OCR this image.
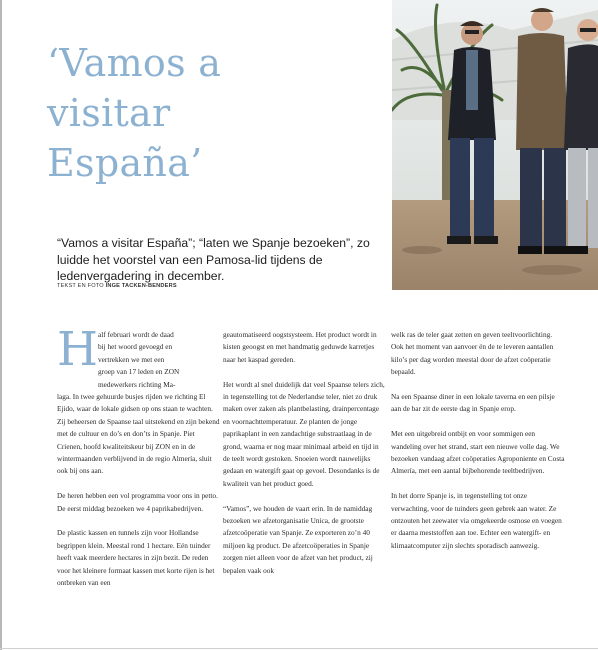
‘Vamos a
visitar
España’

“Vamos a visitar España”; “laten we Spanje bezoeken”, zo luidde het voorstel van een Pamosa-lid tijdens de ledenvergadering in december.

TEKST EN FOTO INGE TACKEN-BENDERS
H alf februari wordt de daad
bij het woord gevoegd en
vertrekken we met een
groep van 17 leden en ZON
medewerkers richting Ma-
laga. In twee gehuurde busjes rijden we richting El Ejido, waar de lokale gidsen op ons staan te wachten. Zij beheersen de Spaanse taal uitstekend en zijn bekend met de cultuur en do’s en don’ts in Spanje. Piet Crienen, hoofd kwaliteitskeur bij ZON en in de wintermaanden verblijvend in de regio Almería, sluit ook bij ons aan.

De heren hebben een vol programma voor ons in petto. De eerst middag bezoeken we 4 paprikabedrijven.

De plastic kassen en tunnels zijn voor Hollandse begrippen klein. Meestal rond 1 hectare. Eén tuinder heeft vaak meerdere hectares in zijn bezit. De reden voor het kleinere formaat kassen met korte rijen is het ontbreken van een

geautomatiseerd oogstsysteem. Het product wordt in kisten geoogst en met handmatig geduwde karretjes naar het kaspad gereden.

Het wordt al snel duidelijk dat veel Spaanse telers zich, in tegenstelling tot de Nederlandse teler, niet zo druk maken over zaken als plantbelasting, drainpercentage en voornachttemperatuur. Ze planten de jonge paprikaplant in een zandachtige substraatlaag in de grond, waarna er nog maar minimaal arbeid en tijd in de teelt wordt gestoken. Snoeien wordt nauwelijks gedaan en watergift gaat op gevoel. Desondanks is de kwaliteit van het product goed.

“Vamos”, we houden de vaart erin. In de namiddag bezoeken we afzetorganisatie Unica, de grootste afzetcoöperatie van Spanje. Ze exporteren zo’n 40 miljoen kg product. De afzetcoöperaties in Spanje zorgen niet alleen voor de afzet van het product, zij bepalen vaak ook

welk ras de teler gaat zetten en geven teeltvoorlichting. Ook het moment van aanvoer én de te leveren aantallen kilo’s per dag worden meestal door de afzet coöperatie bepaald.

Na een Spaanse diner in een lokale taverna en een pilsje aan de bar zit de eerste dag in Spanje erop.

Met een uitgebreid ontbijt en voor sommigen een wandeling over het strand, start een nieuwe volle dag. We bezoeken vandaag afzet coöperaties Agroponiente en Costa Almería, met een aantal bijbehorende teeltbedrijven.

In het dorre Spanje is, in tegenstelling tot onze verwachting, voor de tuinders geen gebrek aan water. Ze ontzouten het zeewater via omgekeerde osmose en voegen er daarna meststoffen aan toe. Echter een watergift- en klimaatcomputer zijn slechts sporadisch aanwezig.
